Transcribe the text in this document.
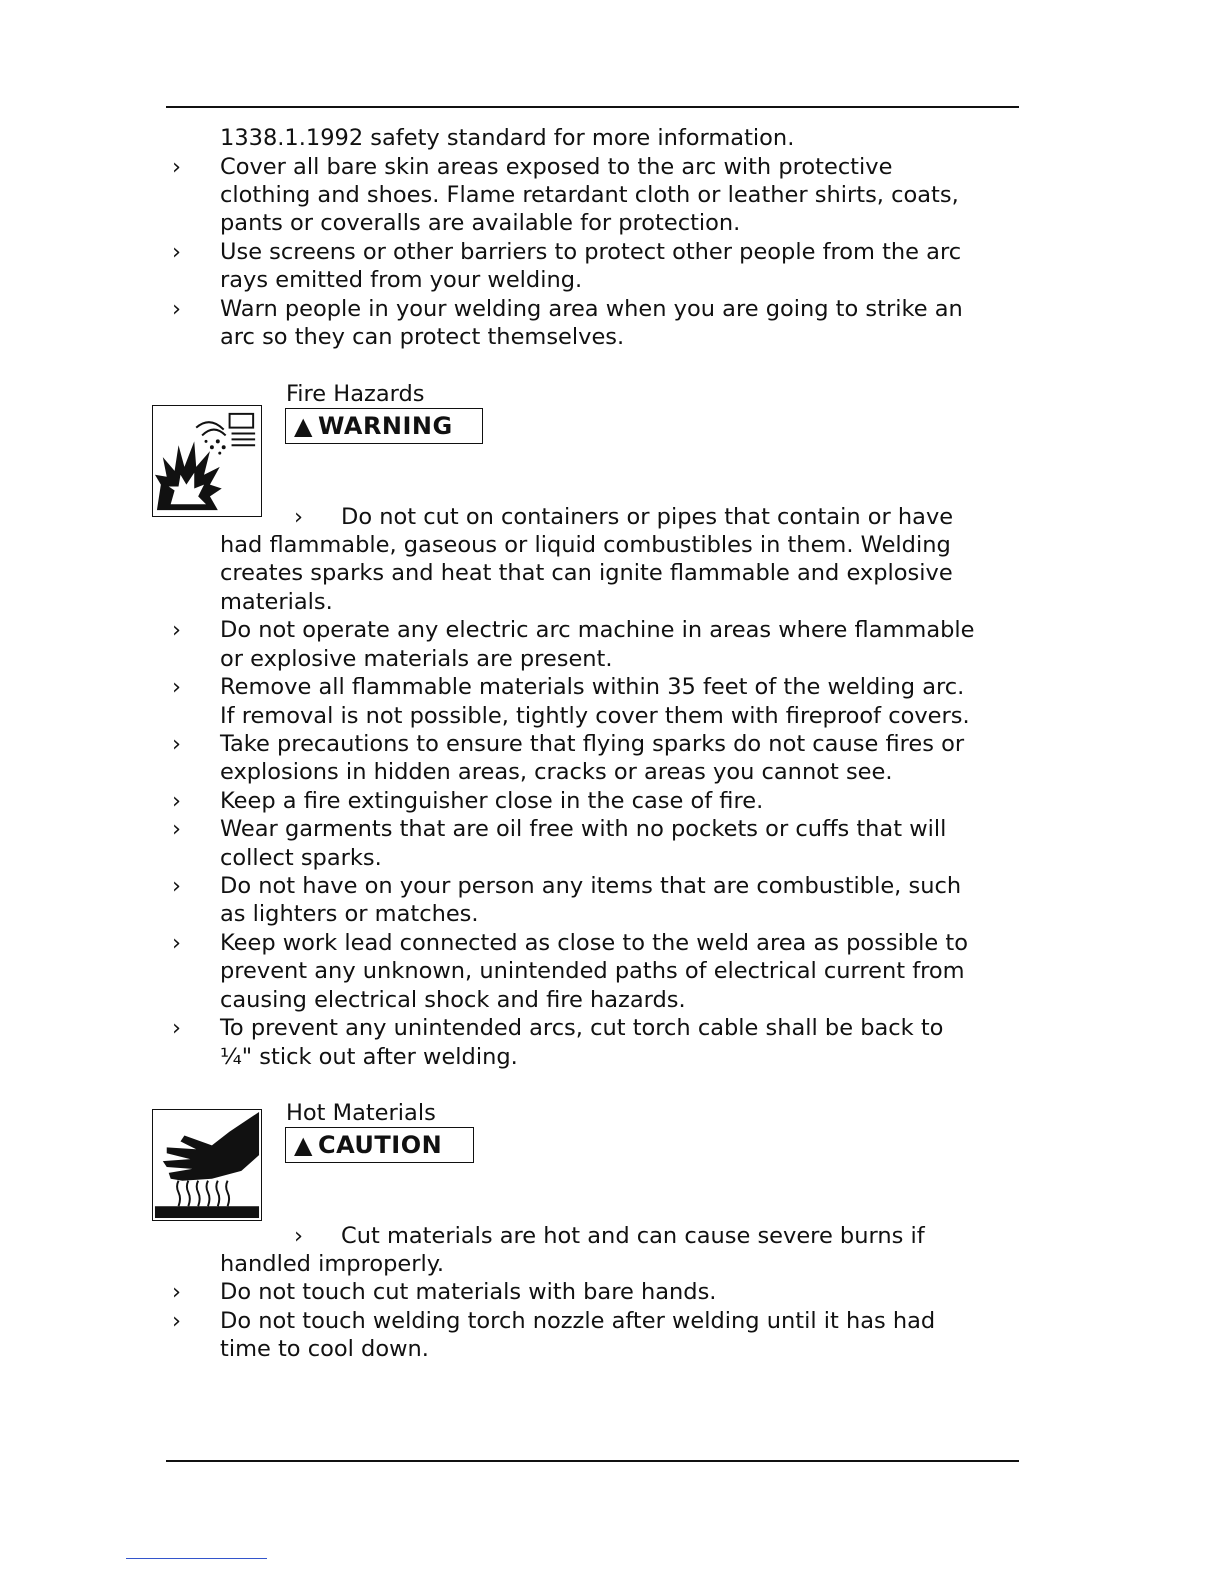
1338.1.1992 safety standard for more information.
› Cover all bare skin areas exposed to the arc with protective
clothing and shoes. Flame retardant cloth or leather shirts, coats,
pants or coveralls are available for protection.
› Use screens or other barriers to protect other people from the arc
rays emitted from your welding.
› Warn people in your welding area when you are going to strike an
arc so they can protect themselves.
Fire Hazards
▲ WARNING
› Do not cut on containers or pipes that contain or have
had flammable, gaseous or liquid combustibles in them. Welding
creates sparks and heat that can ignite flammable and explosive
materials.
› Do not operate any electric arc machine in areas where flammable
or explosive materials are present.
› Remove all flammable materials within 35 feet of the welding arc.
If removal is not possible, tightly cover them with fireproof covers.
› Take precautions to ensure that flying sparks do not cause fires or
explosions in hidden areas, cracks or areas you cannot see.
› Keep a fire extinguisher close in the case of fire.
› Wear garments that are oil free with no pockets or cuffs that will
collect sparks.
› Do not have on your person any items that are combustible, such
as lighters or matches.
› Keep work lead connected as close to the weld area as possible to
prevent any unknown, unintended paths of electrical current from
causing electrical shock and fire hazards.
› To prevent any unintended arcs, cut torch cable shall be back to
¼" stick out after welding.
Hot Materials
▲ CAUTION
› Cut materials are hot and can cause severe burns if
handled improperly.
› Do not touch cut materials with bare hands.
› Do not touch welding torch nozzle after welding until it has had
time to cool down.
